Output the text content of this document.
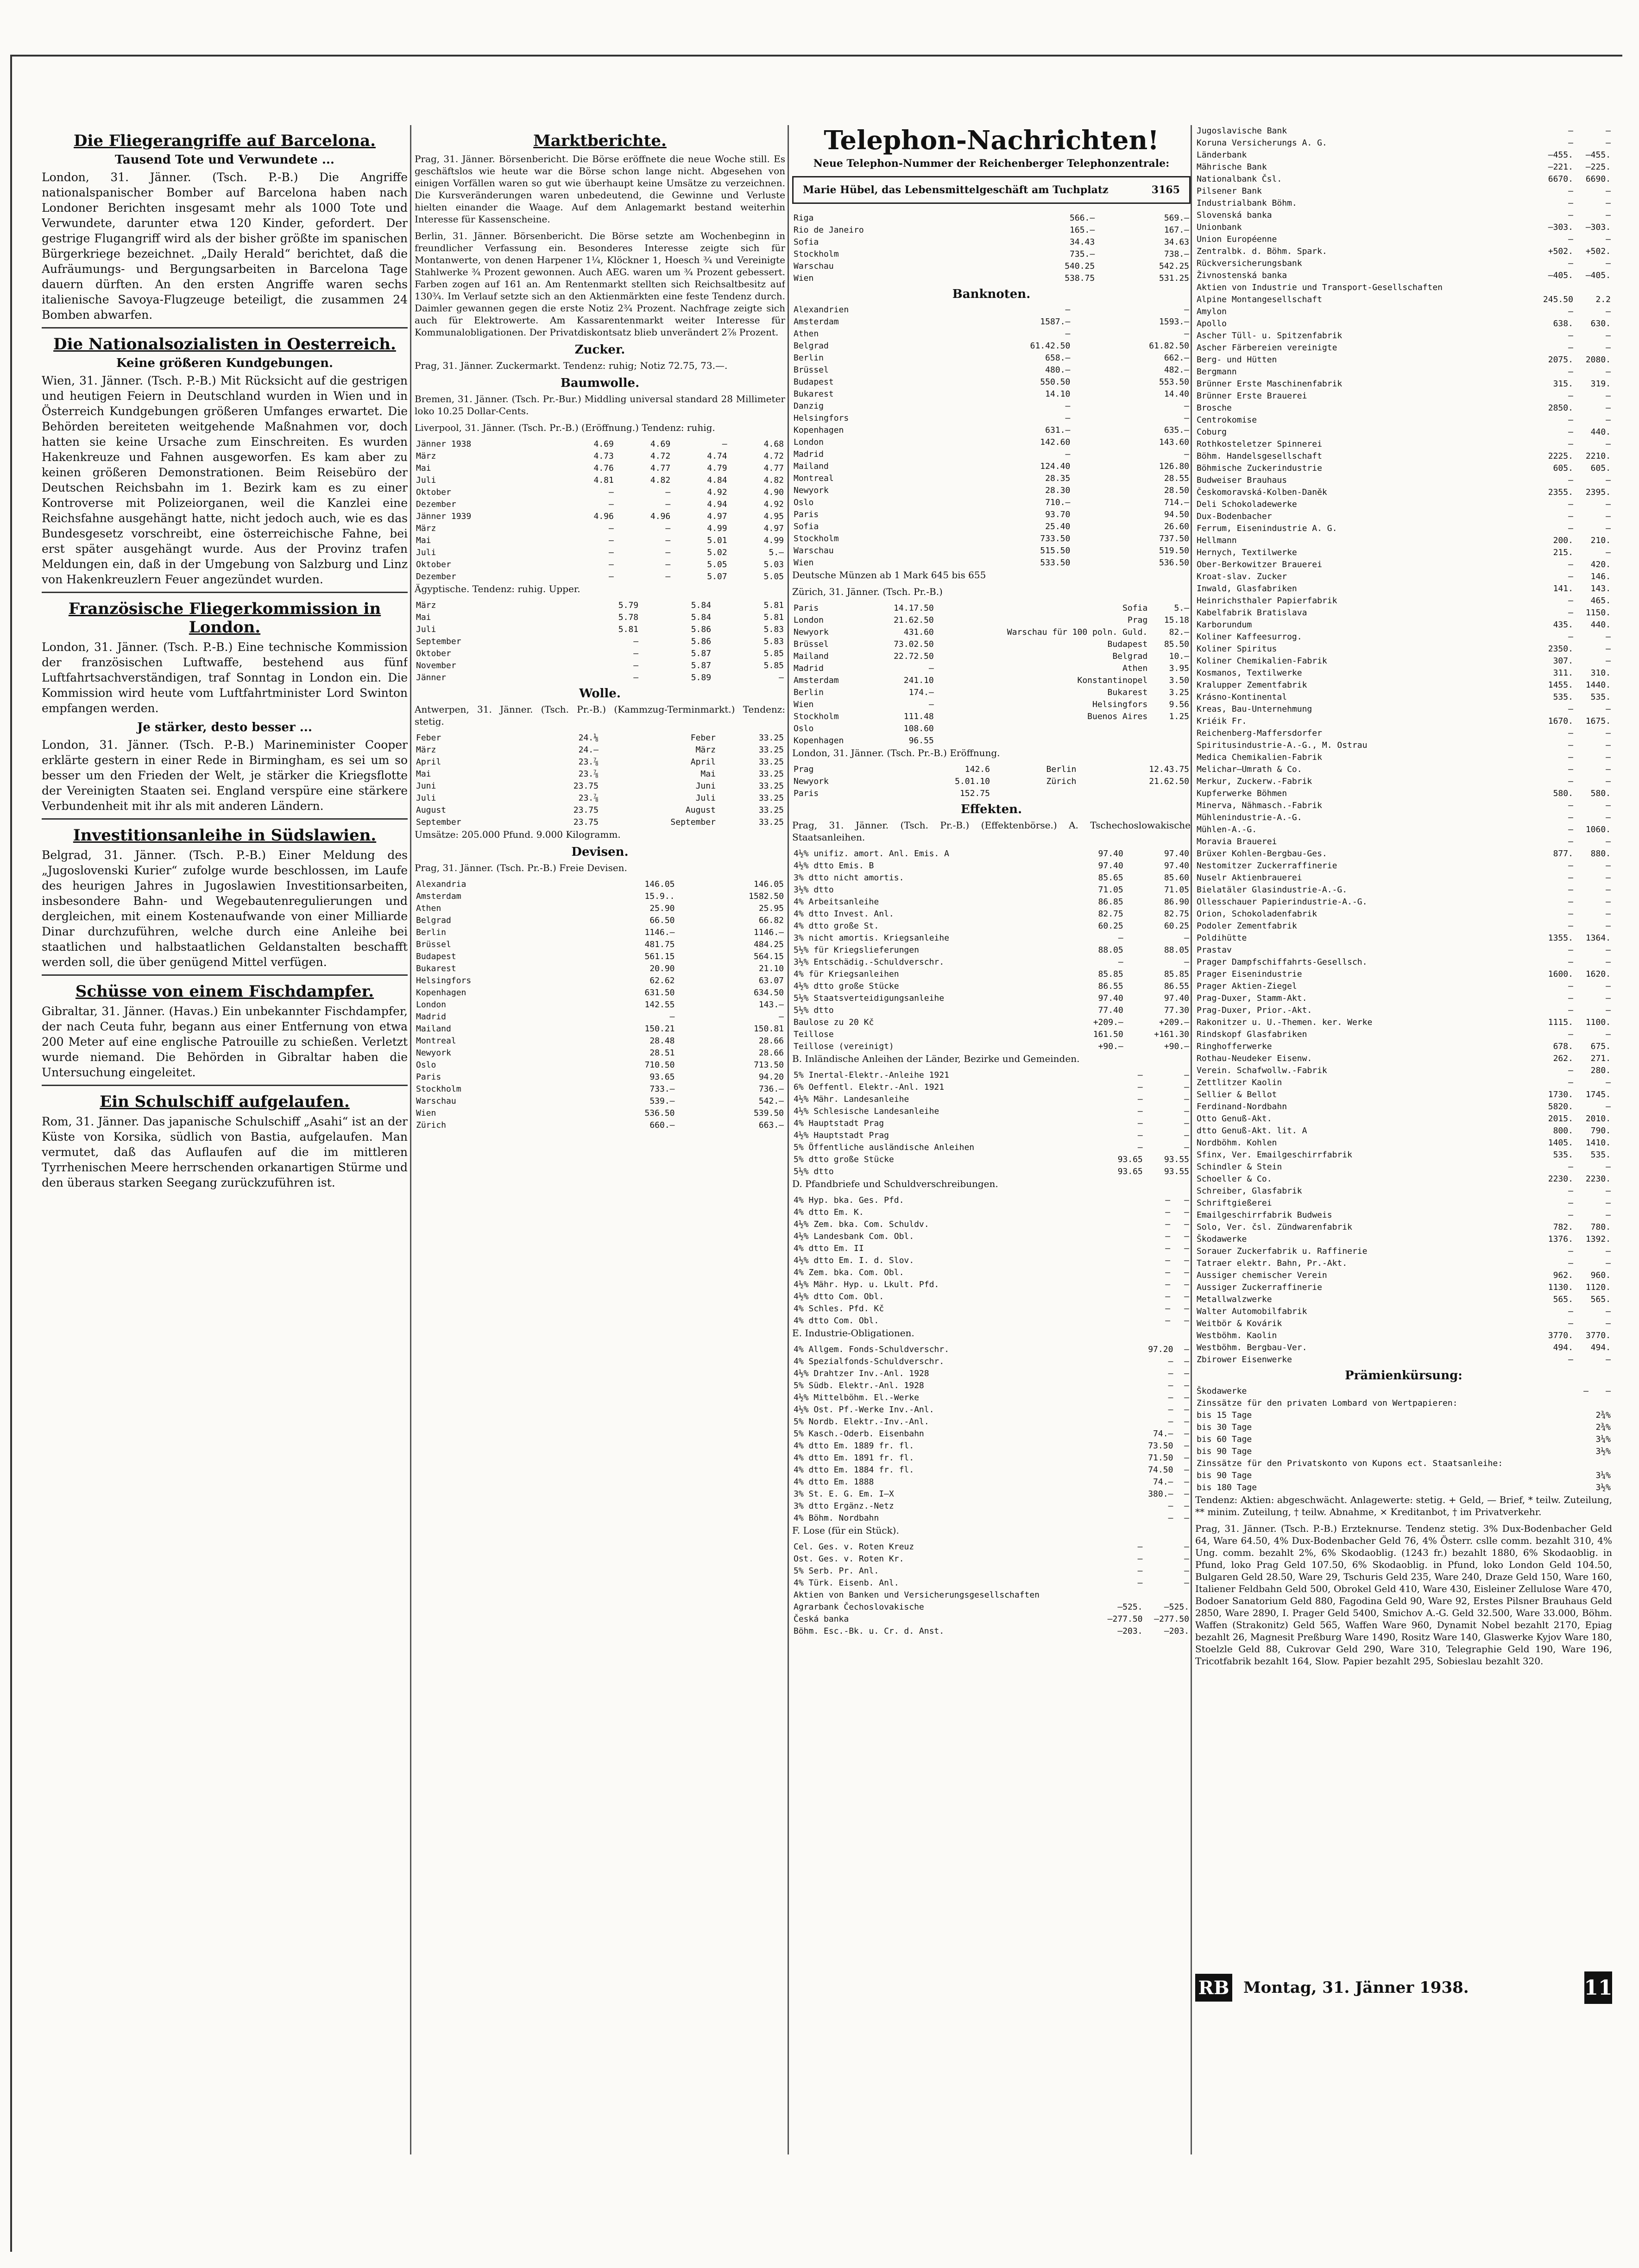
Die Fliegerangriffe auf Barcelona.
Tausend Tote und Verwundete ...

London, 31. Jänner. (Tsch. P.-B.) Die Angriffe nationalspanischer Bomber auf Barcelona haben nach Londoner Berichten insgesamt mehr als 1000 Tote und Verwundete, darunter etwa 120 Kinder, gefordert. Der gestrige Flugangriff wird als der bisher größte im spanischen Bürgerkriege bezeichnet. „Daily Herald“ berichtet, daß die Aufräumungs- und Bergungsarbeiten in Barcelona Tage dauern dürften. An den ersten Angriffe waren sechs italienische Savoya-Flugzeuge beteiligt, die zusammen 24 Bomben abwarfen.

Die Nationalsozialisten in Oesterreich.
Keine größeren Kundgebungen.

Wien, 31. Jänner. (Tsch. P.-B.) Mit Rücksicht auf die gestrigen und heutigen Feiern in Deutschland wurden in Wien und in Österreich Kundgebungen größeren Umfanges erwartet. Die Behörden bereiteten weitgehende Maßnahmen vor, doch hatten sie keine Ursache zum Einschreiten. Es wurden Hakenkreuze und Fahnen ausgeworfen. Es kam aber zu keinen größeren Demonstrationen. Beim Reisebüro der Deutschen Reichsbahn im 1. Bezirk kam es zu einer Kontroverse mit Polizeiorganen, weil die Kanzlei eine Reichsfahne ausgehängt hatte, nicht jedoch auch, wie es das Bundesgesetz vorschreibt, eine österreichische Fahne, bei erst später ausgehängt wurde. Aus der Provinz trafen Meldungen ein, daß in der Umgebung von Salzburg und Linz von Hakenkreuzlern Feuer angezündet wurden.

Französische Fliegerkommission in London.

London, 31. Jänner. (Tsch. P.-B.) Eine technische Kommission der französischen Luftwaffe, bestehend aus fünf Luftfahrtsachverständigen, traf Sonntag in London ein. Die Kommission wird heute vom Luftfahrtminister Lord Swinton empfangen werden.

Je stärker, desto besser ...

London, 31. Jänner. (Tsch. P.-B.) Marineminister Cooper erklärte gestern in einer Rede in Birmingham, es sei um so besser um den Frieden der Welt, je stärker die Kriegsflotte der Vereinigten Staaten sei. England verspüre eine stärkere Verbundenheit mit ihr als mit anderen Ländern.

Investitionsanleihe in Südslawien.

Belgrad, 31. Jänner. (Tsch. P.-B.) Einer Meldung des „Jugoslovenski Kurier“ zufolge wurde beschlossen, im Laufe des heurigen Jahres in Jugoslawien Investitionsarbeiten, insbesondere Bahn- und Wegebautenregulierungen und dergleichen, mit einem Kostenaufwande von einer Milliarde Dinar durchzuführen, welche durch eine Anleihe bei staatlichen und halbstaatlichen Geldanstalten beschafft werden soll, die über genügend Mittel verfügen.

Schüsse von einem Fischdampfer.

Gibraltar, 31. Jänner. (Havas.) Ein unbekannter Fischdampfer, der nach Ceuta fuhr, begann aus einer Entfernung von etwa 200 Meter auf eine englische Patrouille zu schießen. Verletzt wurde niemand. Die Behörden in Gibraltar haben die Untersuchung eingeleitet.

Ein Schulschiff aufgelaufen.

Rom, 31. Jänner. Das japanische Schulschiff „Asahi“ ist an der Küste von Korsika, südlich von Bastia, aufgelaufen. Man vermutet, daß das Auflaufen auf die im mittleren Tyrrhenischen Meere herrschenden orkanartigen Stürme und den überaus starken Seegang zurückzuführen ist.

Marktberichte.

Prag, 31. Jänner. Börsenbericht. Die Börse eröffnete die neue Woche still. Es geschäftslos wie heute war die Börse schon lange nicht. Abgesehen von einigen Vorfällen waren so gut wie überhaupt keine Umsätze zu verzeichnen. Die Kursveränderungen waren unbedeutend, die Gewinne und Verluste hielten einander die Waage. Auf dem Anlagemarkt bestand weiterhin Interesse für Kassenscheine.

Berlin, 31. Jänner. Börsenbericht. Die Börse setzte am Wochenbeginn in freundlicher Verfassung ein. Besonderes Interesse zeigte sich für Montanwerte, von denen Harpener 1¼, Klöckner 1, Hoesch ¾ und Vereinigte Stahlwerke ¾ Prozent gewonnen. Auch AEG. waren um ¾ Prozent gebessert. Farben zogen auf 161 an. Am Rentenmarkt stellten sich Reichsaltbesitz auf 130¾. Im Verlauf setzte sich an den Aktienmärkten eine feste Tendenz durch. Daimler gewannen gegen die erste Notiz 2¾ Prozent. Nachfrage zeigte sich auch für Elektrowerte. Am Kassarentenmarkt weiter Interesse für Kommunalobligationen. Der Privatdiskontsatz blieb unverändert 2⅞ Prozent.

Zucker.

Prag, 31. Jänner. Zuckermarkt. Tendenz: ruhig; Notiz 72.75, 73.—.

Baumwolle.

Bremen, 31. Jänner. (Tsch. Pr.-Bur.) Middling universal standard 28 Millimeter loko 10.25 Dollar-Cents.

Liverpool, 31. Jänner. (Tsch. Pr.-B.) (Eröffnung.) Tendenz: ruhig.

Jänner 1938	4.69	4.69	—	4.68
März	4.73	4.72	4.74	4.72
Mai	4.76	4.77	4.79	4.77
Juli	4.81	4.82	4.84	4.82
Oktober	—	—	4.92	4.90
Dezember	—	—	4.94	4.92
Jänner 1939	4.96	4.96	4.97	4.95
März	—	—	4.99	4.97
Mai	—	—	5.01	4.99
Juli	—	—	5.02	5.—
Oktober	—	—	5.05	5.03
Dezember	—	—	5.07	5.05

Ägyptische. Tendenz: ruhig. Upper.

März	5.79	5.84	5.81
Mai	5.78	5.84	5.81
Juli	5.81	5.86	5.83
September	—	5.86	5.83
Oktober	—	5.87	5.85
November	—	5.87	5.85
Jänner	—	5.89	—
Wolle.

Antwerpen, 31. Jänner. (Tsch. Pr.-B.) (Kammzug-Terminmarkt.) Tendenz: stetig.

Feber	24.⅛	Feber	33.25
März	24.—	März	33.25
April	23.⅞	April	33.25
Mai	23.⅞	Mai	33.25
Juni	23.75	Juni	33.25
Juli	23.⅞	Juli	33.25
August	23.75	August	33.25
September	23.75	September	33.25

Umsätze: 205.000 Pfund. 9.000 Kilogramm.

Devisen.

Prag, 31. Jänner. (Tsch. Pr.-B.) Freie Devisen.

Alexandria	146.05	146.05
Amsterdam	15.9..	1582.50
Athen	25.90	25.95
Belgrad	66.50	66.82
Berlin	1146.—	1146.—
Brüssel	481.75	484.25
Budapest	561.15	564.15
Bukarest	20.90	21.10
Helsingfors	62.62	63.07
Kopenhagen	631.50	634.50
London	142.55	143.—
Madrid	—	—
Mailand	150.21	150.81
Montreal	28.48	28.66
Newyork	28.51	28.66
Oslo	710.50	713.50
Paris	93.65	94.20
Stockholm	733.—	736.—
Warschau	539.—	542.—
Wien	536.50	539.50
Zürich	660.—	663.—
Telephon-Nachrichten!
Neue Telephon-Nummer der Reichenberger Telephonzentrale:
Marie Hübel, das Lebensmittelgeschäft am Tuchplatz	3165
Riga	566.—	569.—
Rio de Janeiro	165.—	167.—
Sofia	34.43	34.63
Stockholm	735.—	738.—
Warschau	540.25	542.25
Wien	538.75	531.25
Banknoten.
Alexandrien	—	—
Amsterdam	1587.—	1593.—
Athen	—	—
Belgrad	61.42.50	61.82.50
Berlin	658.—	662.—
Brüssel	480.—	482.—
Budapest	550.50	553.50
Bukarest	14.10	14.40
Danzig	—	—
Helsingfors	—	—
Kopenhagen	631.—	635.—
London	142.60	143.60
Madrid	—	—
Mailand	124.40	126.80
Montreal	28.35	28.55
Newyork	28.30	28.50
Oslo	710.—	714.—
Paris	93.70	94.50
Sofia	25.40	26.60
Stockholm	733.50	737.50
Warschau	515.50	519.50
Wien	533.50	536.50

Deutsche Münzen ab 1 Mark 645 bis 655

Zürich, 31. Jänner. (Tsch. Pr.-B.)

Paris	14.17.50	Sofia	5.—
London	21.62.50	Prag	15.18
Newyork	431.60	Warschau für 100 poln. Guld.	82.—
Brüssel	73.02.50	Budapest	85.50
Mailand	22.72.50	Belgrad	10.—
Madrid	—	Athen	3.95
Amsterdam	241.10	Konstantinopel	3.50
Berlin	174.—	Bukarest	3.25
Wien	—	Helsingfors	9.56
Stockholm	111.48	Buenos Aires	1.25
Oslo	108.60		
Kopenhagen	96.55		

London, 31. Jänner. (Tsch. Pr.-B.) Eröffnung.

Prag	142.6	Berlin	12.43.75
Newyork	5.01.10	Zürich	21.62.50
Paris	152.75		
Effekten.

Prag, 31. Jänner. (Tsch. Pr.-B.) (Effektenbörse.) A. Tschechoslowakische Staatsanleihen.

4½% unifiz. amort. Anl. Emis. A	97.40	97.40
4½% dtto Emis. B	97.40	97.40
3% dtto nicht amortis.	85.65	85.60
3½% dtto	71.05	71.05
4% Arbeitsanleihe	86.85	86.90
4% dtto Invest. Anl.	82.75	82.75
4% dtto große St.	60.25	60.25
3% nicht amortis. Kriegsanleihe	—	—
5½% für Kriegslieferungen	88.05	88.05
3½% Entschädig.-Schuldverschr.	—	—
4% für Kriegsanleihen	85.85	85.85
4½% dtto große Stücke	86.55	86.55
5½% Staatsverteidigungsanleihe	97.40	97.40
5½% dtto	77.40	77.30
Baulose zu 20 Kč	+209.—	+209.—
Teillose	161.50	+161.30
Teillose (vereinigt)	+90.—	+90.—

B. Inländische Anleihen der Länder, Bezirke und Gemeinden.

5% Inertal-Elektr.-Anleihe 1921	—	—
6% Oeffentl. Elektr.-Anl. 1921	—	—
4½% Mähr. Landesanleihe	—	—
4½% Schlesische Landesanleihe	—	—
4% Hauptstadt Prag	—	—
4½% Hauptstadt Prag	—	—
5% Öffentliche ausländische Anleihen	—	—
5% dtto große Stücke	93.65	93.55
5½% dtto	93.65	93.55

D. Pfandbriefe und Schuldverschreibungen.

4% Hyp. bka. Ges. Pfd.	—	—
4% dtto Em. K.	—	—
4½% Zem. bka. Com. Schuldv.	—	—
4½% Landesbank Com. Obl.	—	—
4% dtto Em. II	—	—
4½% dtto Em. I. d. Slov.	—	—
4% Zem. bka. Com. Obl.	—	—
4½% Mähr. Hyp. u. Lkult. Pfd.	—	—
4½% dtto Com. Obl.	—	—
4% Schles. Pfd. Kč	—	—
4% dtto Com. Obl.	—	—

E. Industrie-Obligationen.

4% Allgem. Fonds-Schuldverschr.	97.20	—
4% Spezialfonds-Schuldverschr.	—	—
4½% Drahtzer Inv.-Anl. 1928	—	—
5% Südb. Elektr.-Anl. 1928	—	—
4½% Mittelböhm. El.-Werke	—	—
4½% Ost. Pf.-Werke Inv.-Anl.	—	—
5% Nordb. Elektr.-Inv.-Anl.	—	—
5% Kasch.-Oderb. Eisenbahn	74.—	—
4% dtto Em. 1889 fr. fl.	73.50	—
4% dtto Em. 1891 fr. fl.	71.50	—
4% dtto Em. 1884 fr. fl.	74.50	—
4% dtto Em. 1888	74.—	—
3% St. E. G. Em. I—X	380.—	—
3% dtto Ergänz.-Netz	—	—
4% Böhm. Nordbahn	—	—

F. Lose (für ein Stück).

Cel. Ges. v. Roten Kreuz	—	—
Ost. Ges. v. Roten Kr.	—	—
5% Serb. Pr. Anl.	—	—
4% Türk. Eisenb. Anl.	—	—
Aktien von Banken und Versicherungsgesellschaften		
Agrarbank Čechoslovakische	—525.	—525.
Česká banka	—277.50	—277.50
Böhm. Esc.-Bk. u. Cr. d. Anst.	—203.	—203.
Jugoslavische Bank	—	—
Koruna Versicherungs A. G.	—	—
Länderbank	—455.	—455.
Mährische Bank	—221.	—225.
Nationalbank Čsl.	6670.	6690.
Pilsener Bank	—	—
Industrialbank Böhm.	—	—
Slovenská banka	—	—
Unionbank	—303.	—303.
Union Européenne	—	—
Zentralbk. d. Böhm. Spark.	+502.	+502.
Rückversicherungsbank	—	—
Živnostenská banka	—405.	—405.
Aktien von Industrie und Transport-Gesellschaften		
Alpine Montangesellschaft	245.50	2.2
Amylon	—	—
Apollo	638.	630.
Ascher Tüll- u. Spitzenfabrik	—	—
Ascher Färbereien vereinigte	—	—
Berg- und Hütten	2075.	2080.
Bergmann	—	—
Brünner Erste Maschinenfabrik	315.	319.
Brünner Erste Brauerei	—	—
Brosche	2850.	—
Centrokomise	—	—
Coburg	—	440.
Rothkosteletzer Spinnerei	—	—
Böhm. Handelsgesellschaft	2225.	2210.
Böhmische Zuckerindustrie	605.	605.
Budweiser Brauhaus	—	—
Českomoravská-Kolben-Daněk	2355.	2395.
Deli Schokoladewerke	—	—
Dux-Bodenbacher	—	—
Ferrum, Eisenindustrie A. G.	—	—
Hellmann	200.	210.
Hernych, Textilwerke	215.	—
Ober-Berkowitzer Brauerei	—	420.
Kroat-slav. Zucker	—	146.
Inwald, Glasfabriken	141.	143.
Heinrichsthaler Papierfabrik	—	465.
Kabelfabrik Bratislava	—	1150.
Karborundum	435.	440.
Koliner Kaffeesurrog.	—	—
Koliner Spiritus	2350.	—
Koliner Chemikalien-Fabrik	307.	—
Kosmanos, Textilwerke	311.	310.
Kralupper Zementfabrik	1455.	1440.
Krásno-Kontinental	535.	535.
Kreas, Bau-Unternehmung	—	—
Kriéik Fr.	1670.	1675.
Reichenberg-Maffersdorfer	—	—
Spiritusindustrie-A.-G., M. Ostrau	—	—
Medica Chemikalien-Fabrik	—	—
Melichar—Umrath & Co.	—	—
Merkur, Zuckerw.-Fabrik	—	—
Kupferwerke Böhmen	580.	580.
Minerva, Nähmasch.-Fabrik	—	—
Mühlenindustrie-A.-G.	—	—
Mühlen-A.-G.	—	1060.
Moravia Brauerei	—	—
Brüxer Kohlen-Bergbau-Ges.	877.	880.
Nestomitzer Zuckerraffinerie	—	—
Nuselr Aktienbrauerei	—	—
Bielatäler Glasindustrie-A.-G.	—	—
Ollesschauer Papierindustrie-A.-G.	—	—
Orion, Schokoladenfabrik	—	—
Podoler Zementfabrik	—	—
Poldihütte	1355.	1364.
Prastav	—	—
Prager Dampfschiffahrts-Gesellsch.	—	—
Prager Eisenindustrie	1600.	1620.
Prager Aktien-Ziegel	—	—
Prag-Duxer, Stamm-Akt.	—	—
Prag-Duxer, Prior.-Akt.	—	—
Rakonitzer u. U.-Themen. ker. Werke	1115.	1100.
Rindskopf Glasfabriken	—	—
Ringhofferwerke	678.	675.
Rothau-Neudeker Eisenw.	262.	271.
Verein. Schafwollw.-Fabrik	—	280.
Zettlitzer Kaolin	—	—
Sellier & Bellot	1730.	1745.
Ferdinand-Nordbahn	5820.	—
Otto Genuß-Akt.	2015.	2010.
dtto Genuß-Akt. lit. A	800.	790.
Nordböhm. Kohlen	1405.	1410.
Sfinx, Ver. Emailgeschirrfabrik	535.	535.
Schindler & Stein	—	—
Schoeller & Co.	2230.	2230.
Schreiber, Glasfabrik	—	—
Schriftgießerei	—	—
Emailgeschirrfabrik Budweis	—	—
Solo, Ver. čsl. Zündwarenfabrik	782.	780.
Škodawerke	1376.	1392.
Sorauer Zuckerfabrik u. Raffinerie	—	—
Tatraer elektr. Bahn, Pr.-Akt.	—	—
Aussiger chemischer Verein	962.	960.
Aussiger Zuckerraffinerie	1130.	1120.
Metallwalzwerke	565.	565.
Walter Automobilfabrik	—	—
Weitbör & Kovárik	—	—
Westböhm. Kaolin	3770.	3770.
Westböhm. Bergbau-Ver.	494.	494.
Zbirower Eisenwerke	—	—
Prämienkürsung:
Škodawerke	—	—
Zinssätze für den privaten Lombard von Wertpapieren:		
bis 15 Tage		2¾%
bis 30 Tage		2¾%
bis 60 Tage		3¼%
bis 90 Tage		3½%
Zinssätze für den Privatskonto von Kupons ect. Staatsanleihe:		
bis 90 Tage		3¼%
bis 180 Tage		3½%

Tendenz: Aktien: abgeschwächt. Anlagewerte: stetig. + Geld, — Brief, * teilw. Zuteilung, ** minim. Zuteilung, † teilw. Abnahme, × Kreditanbot, † im Privatverkehr.

Prag, 31. Jänner. (Tsch. P.-B.) Erzteknurse. Tendenz stetig. 3% Dux-Bodenbacher Geld 64, Ware 64.50, 4% Dux-Bodenbacher Geld 76, 4% Österr. cslle comm. bezahlt 310, 4% Ung. comm. bezahlt 2%, 6% Skodaoblig. (1243 fr.) bezahlt 1880, 6% Skodaoblig. in Pfund, loko Prag Geld 107.50, 6% Skodaoblig. in Pfund, loko London Geld 104.50, Bulgaren Geld 28.50, Ware 29, Tschuris Geld 235, Ware 240, Draze Geld 150, Ware 160, Italiener Feldbahn Geld 500, Obrokel Geld 410, Ware 430, Eisleiner Zellulose Ware 470, Bodoer Sanatorium Geld 880, Fagodina Geld 90, Ware 92, Erstes Pilsner Brauhaus Geld 2850, Ware 2890, I. Prager Geld 5400, Smichov A.-G. Geld 32.500, Ware 33.000, Böhm. Waffen (Strakonitz) Geld 565, Waffen Ware 960, Dynamit Nobel bezahlt 2170, Epiag bezahlt 26, Magnesit Preßburg Ware 1490, Rositz Ware 140, Glaswerke Kyjov Ware 180, Stoelzle Geld 88, Cukrovar Geld 290, Ware 310, Telegraphie Geld 190, Ware 196, Tricotfabrik bezahlt 164, Slow. Papier bezahlt 295, Sobieslau bezahlt 320.

RB Montag, 31. Jänner 1938.	11
